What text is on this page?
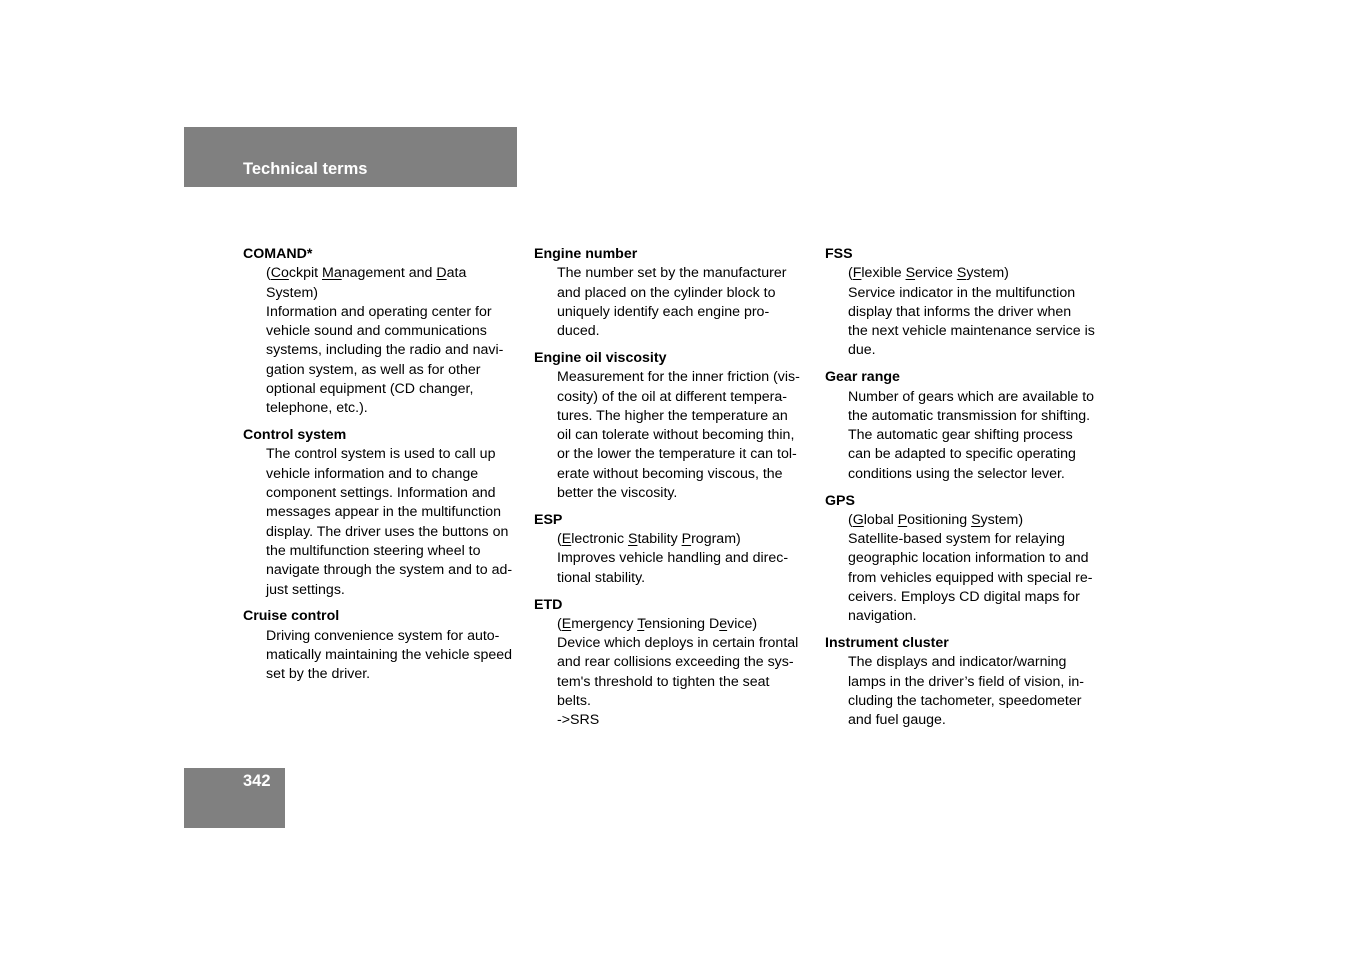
Technical terms
COMAND*
(Cockpit Management and Data
System)
Information and operating center for
vehicle sound and communications
systems, including the radio and navi-
gation system, as well as for other
optional equipment (CD changer,
telephone, etc.).
Control system
The control system is used to call up
vehicle information and to change
component settings. Information and
messages appear in the multifunction
display. The driver uses the buttons on
the multifunction steering wheel to
navigate through the system and to ad-
just settings.
Cruise control
Driving convenience system for auto-
matically maintaining the vehicle speed
set by the driver.
Engine number
The number set by the manufacturer
and placed on the cylinder block to
uniquely identify each engine pro-
duced.
Engine oil viscosity
Measurement for the inner friction (vis-
cosity) of the oil at different tempera-
tures. The higher the temperature an
oil can tolerate without becoming thin,
or the lower the temperature it can tol-
erate without becoming viscous, the
better the viscosity.
ESP
(Electronic Stability Program)
Improves vehicle handling and direc-
tional stability.
ETD
(Emergency Tensioning Device)
Device which deploys in certain frontal
and rear collisions exceeding the sys-
tem's threshold to tighten the seat
belts.
->SRS
FSS
(Flexible Service System)
Service indicator in the multifunction
display that informs the driver when
the next vehicle maintenance service is
due.
Gear range
Number of gears which are available to
the automatic transmission for shifting.
The automatic gear shifting process
can be adapted to specific operating
conditions using the selector lever.
GPS
(Global Positioning System)
Satellite-based system for relaying
geographic location information to and
from vehicles equipped with special re-
ceivers. Employs CD digital maps for
navigation.
Instrument cluster
The displays and indicator/warning
lamps in the driver’s field of vision, in-
cluding the tachometer, speedometer
and fuel gauge.
342
